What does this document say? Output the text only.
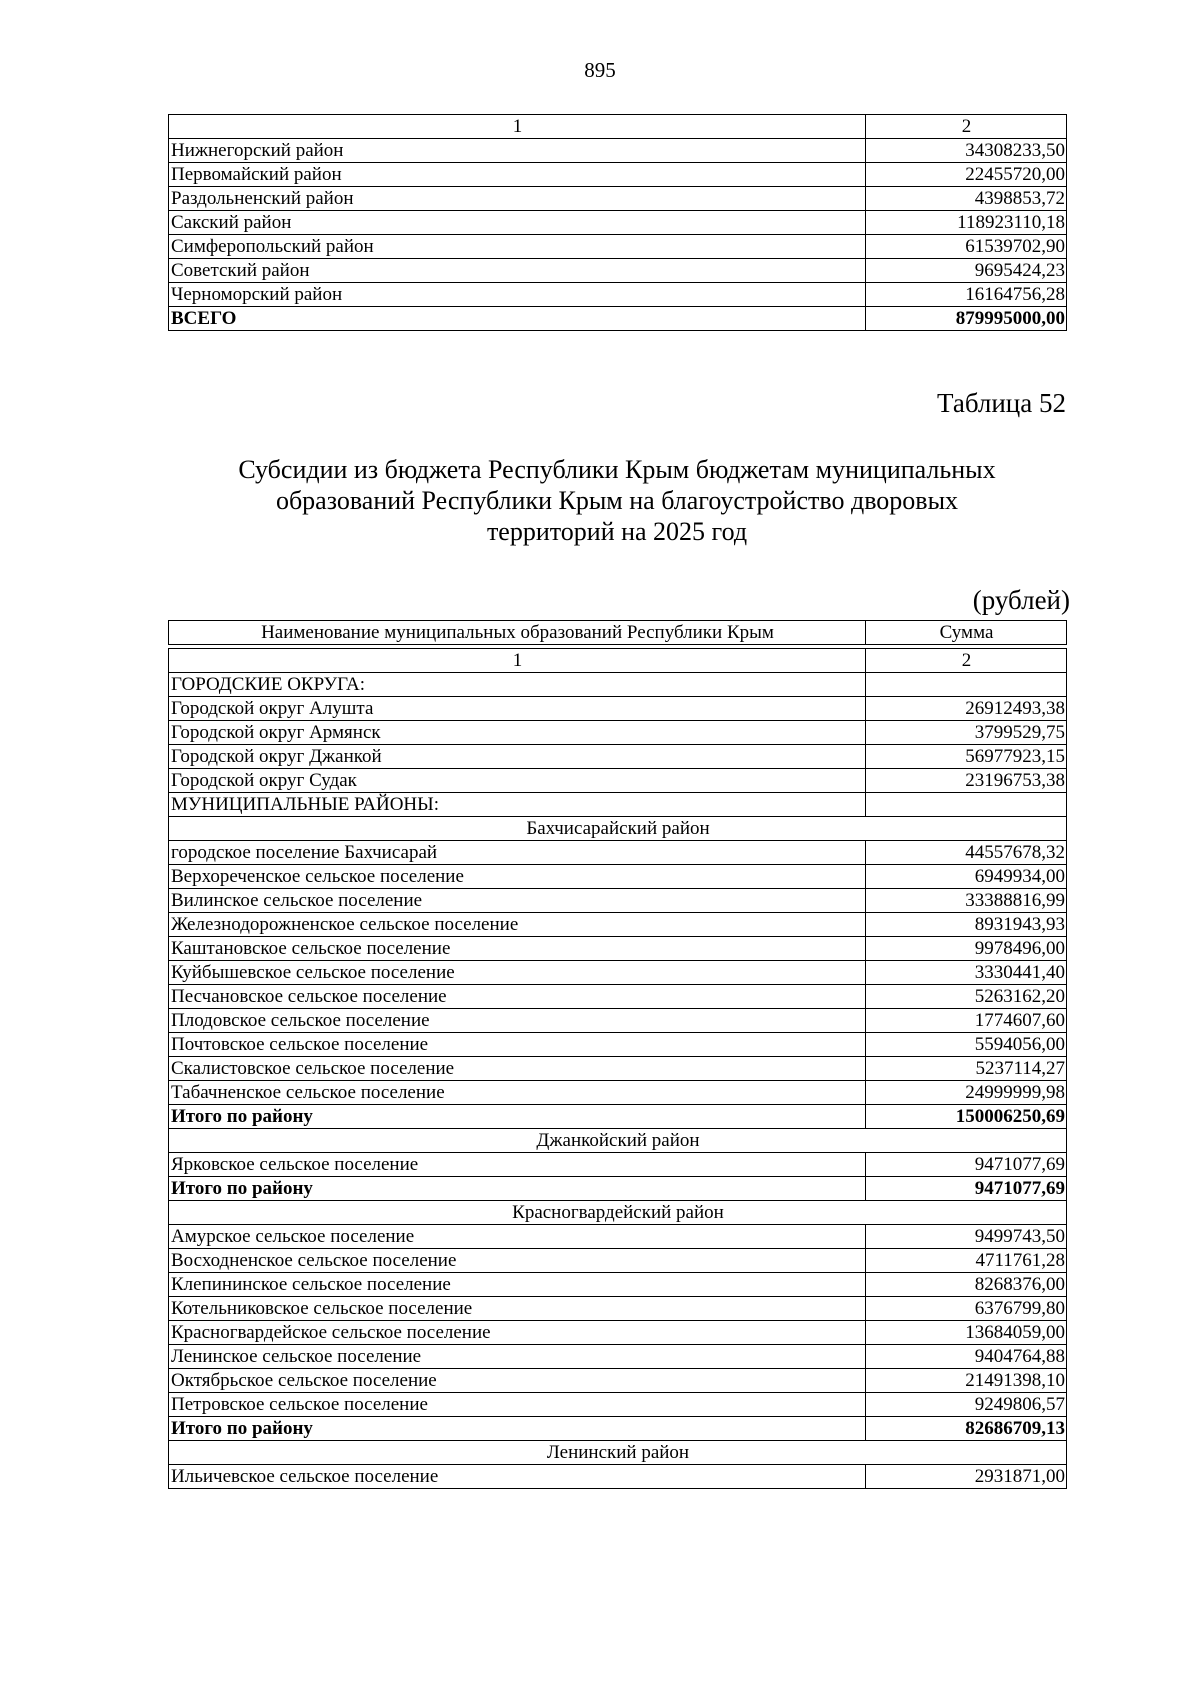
895
1	2
Нижнегорский район	34308233,50
Первомайский район	22455720,00
Раздольненский район	4398853,72
Сакский район	118923110,18
Симферопольский район	61539702,90
Советский район	9695424,23
Черноморский район	16164756,28
ВСЕГО	879995000,00
Таблица 52
Субсидии из бюджета Республики Крым бюджетам муниципальных
образований Республики Крым на благоустройство дворовых
территорий на 2025 год
(рублей)
Наименование муниципальных образований Республики Крым	Сумма
1	2
ГОРОДСКИЕ ОКРУГА:	
Городской округ Алушта	26912493,38
Городской округ Армянск	3799529,75
Городской округ Джанкой	56977923,15
Городской округ Судак	23196753,38
МУНИЦИПАЛЬНЫЕ РАЙОНЫ:	
Бахчисарайский район	
городское поселение Бахчисарай	44557678,32
Верхореченское сельское поселение	6949934,00
Вилинское сельское поселение	33388816,99
Железнодорожненское сельское поселение	8931943,93
Каштановское сельское поселение	9978496,00
Куйбышевское сельское поселение	3330441,40
Песчановское сельское поселение	5263162,20
Плодовское сельское поселение	1774607,60
Почтовское сельское поселение	5594056,00
Скалистовское сельское поселение	5237114,27
Табачненское сельское поселение	24999999,98
Итого по району	150006250,69
Джанкойский район	
Ярковское сельское поселение	9471077,69
Итого по району	9471077,69
Красногвардейский район	
Амурское сельское поселение	9499743,50
Восходненское сельское поселение	4711761,28
Клепининское сельское поселение	8268376,00
Котельниковское сельское поселение	6376799,80
Красногвардейское сельское поселение	13684059,00
Ленинское сельское поселение	9404764,88
Октябрьское сельское поселение	21491398,10
Петровское сельское поселение	9249806,57
Итого по району	82686709,13
Ленинский район	
Ильичевское сельское поселение	2931871,00
